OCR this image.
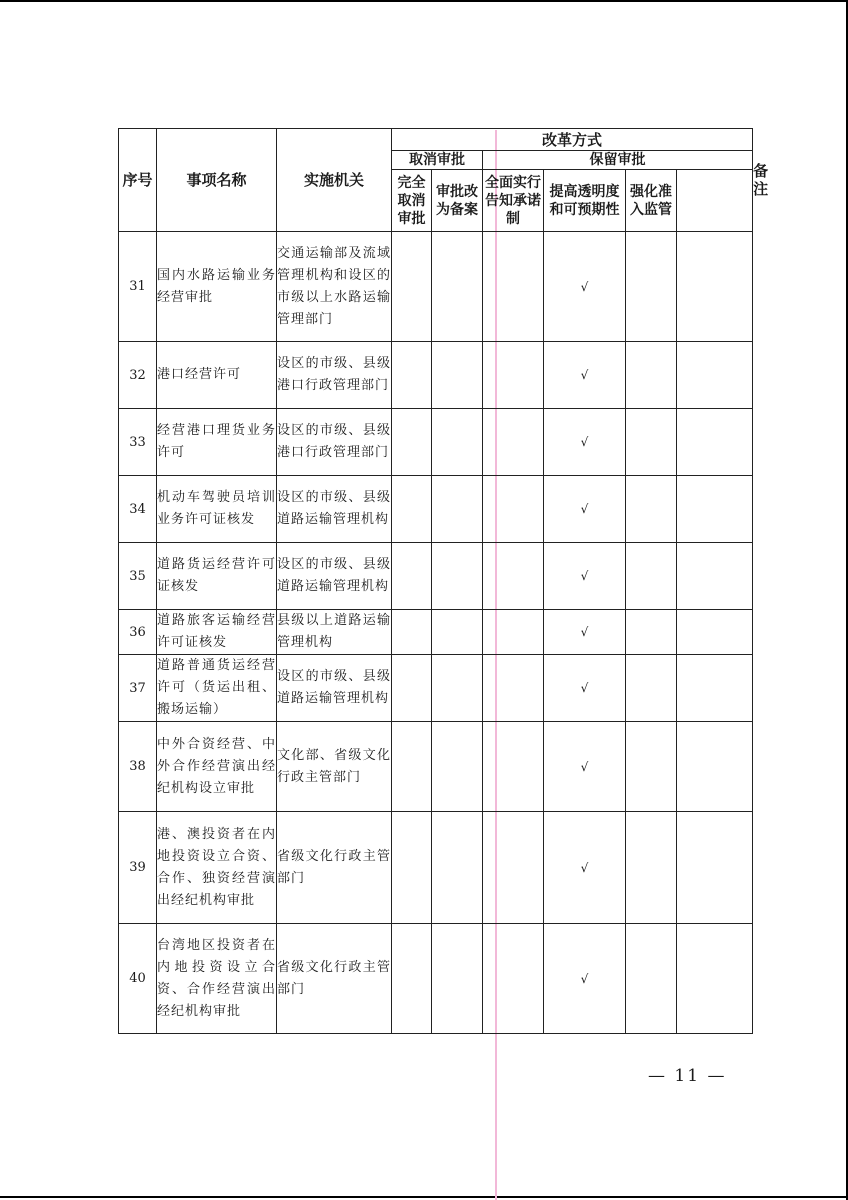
序号	事项名称	实施机关	改革方式						备注
			取消审批		保留审批				
			完全取消审批	审批改为备案	全面实行告知承诺制	提高透明度和可预期性	强化准入监管		
31	国内水路运输业务经营审批	交通运输部及流域管理机构和设区的市级以上水路运输管理部门				√			
32	港口经营许可	设区的市级、县级港口行政管理部门				√			
33	经营港口理货业务许可	设区的市级、县级港口行政管理部门				√			
34	机动车驾驶员培训业务许可证核发	设区的市级、县级道路运输管理机构				√			
35	道路货运经营许可证核发	设区的市级、县级道路运输管理机构				√			
36	道路旅客运输经营许可证核发	县级以上道路运输管理机构				√			
37	道路普通货运经营许可（货运出租、搬场运输）	设区的市级、县级道路运输管理机构				√			
38	中外合资经营、中外合作经营演出经纪机构设立审批	文化部、省级文化行政主管部门				√			
39	港、澳投资者在内地投资设立合资、合作、独资经营演出经纪机构审批	省级文化行政主管部门				√			
40	台湾地区投资者在内地投资设立合资、合作经营演出经纪机构审批	省级文化行政主管部门				√			
— 11 —
